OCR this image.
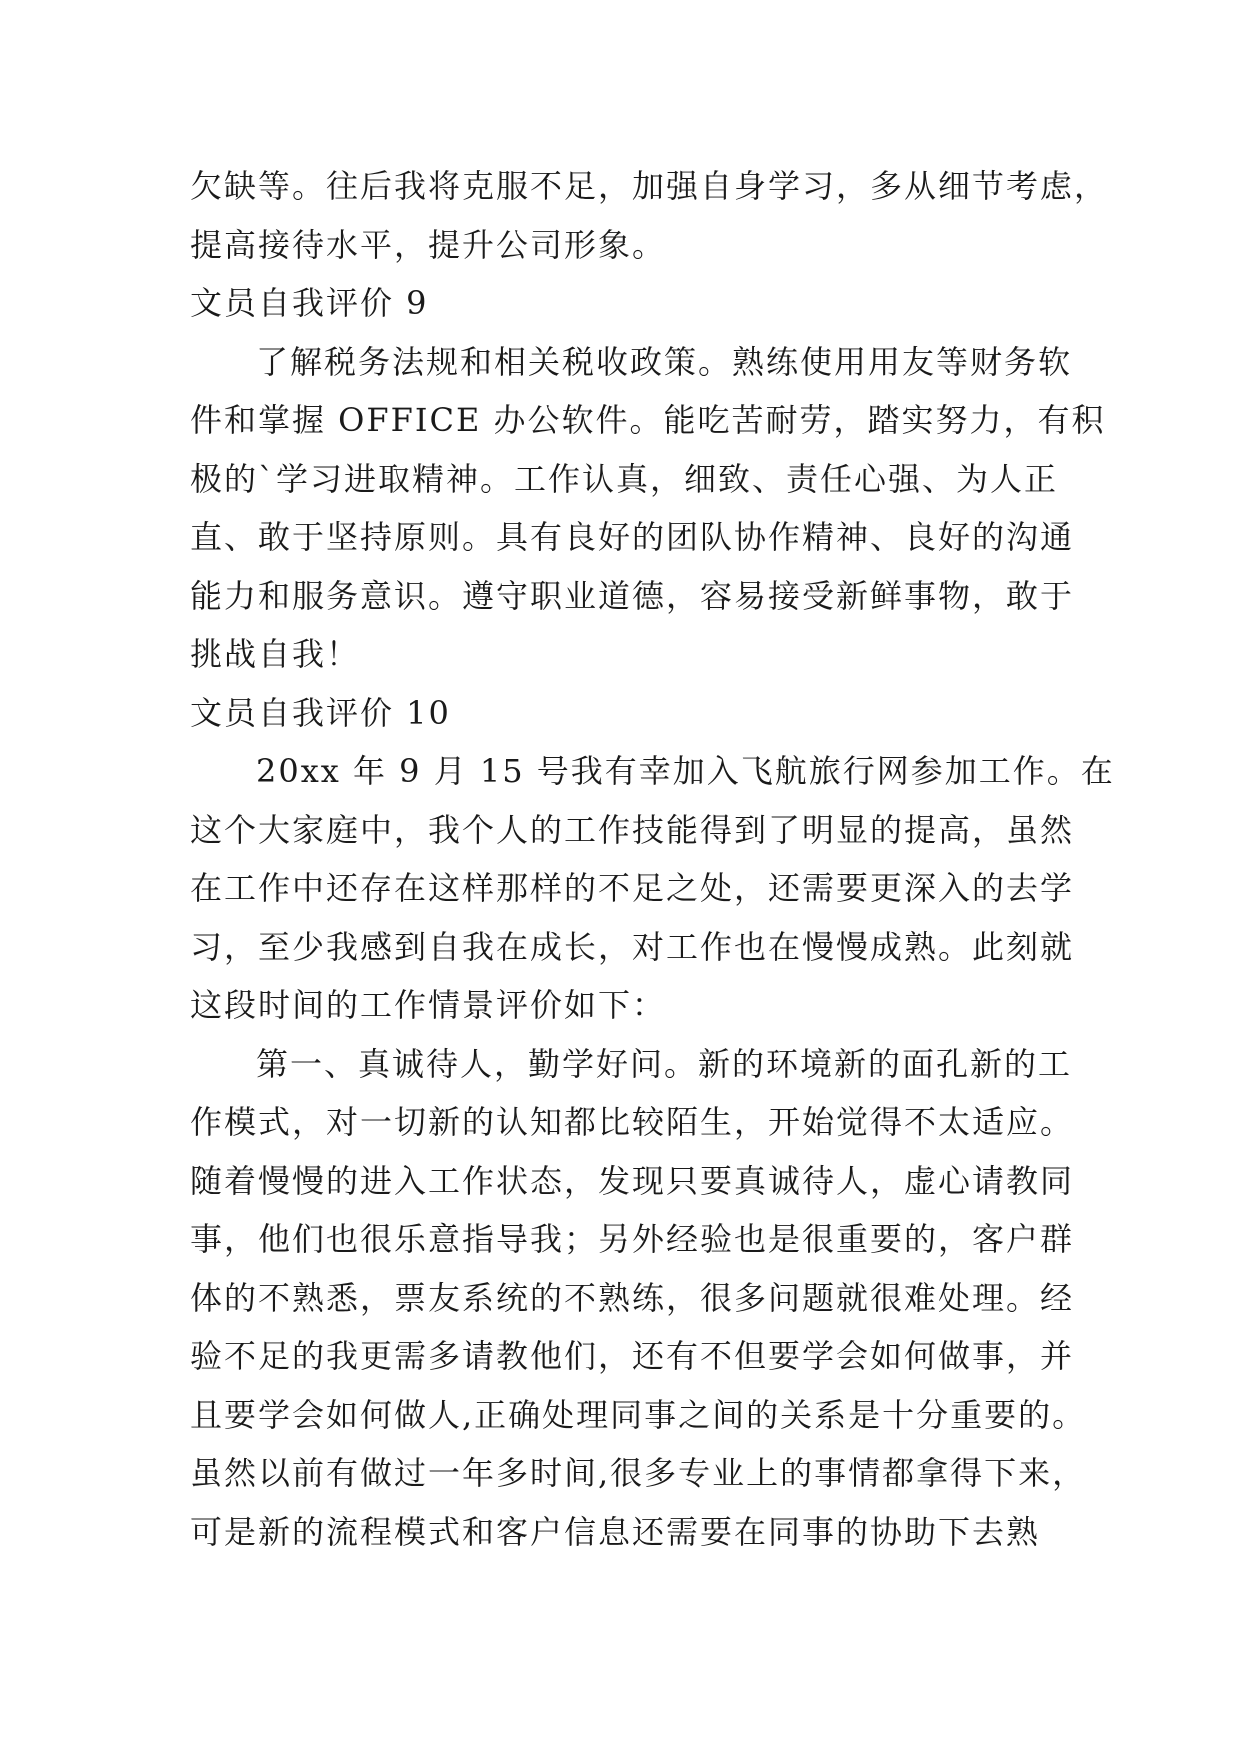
欠缺等。往后我将克服不足，加强自身学习，多从细节考虑，
提高接待水平，提升公司形象。
文员自我评价 9
了解税务法规和相关税收政策。熟练使用用友等财务软
件和掌握 OFFICE 办公软件。能吃苦耐劳，踏实努力，有积
极的`学习进取精神。工作认真，细致、责任心强、为人正
直、敢于坚持原则。具有良好的团队协作精神、良好的沟通
能力和服务意识。遵守职业道德，容易接受新鲜事物，敢于
挑战自我！
文员自我评价 10
20xx 年 9 月 15 号我有幸加入飞航旅行网参加工作。在
这个大家庭中，我个人的工作技能得到了明显的提高，虽然
在工作中还存在这样那样的不足之处，还需要更深入的去学
习，至少我感到自我在成长，对工作也在慢慢成熟。此刻就
这段时间的工作情景评价如下：
第一、真诚待人，勤学好问。新的环境新的面孔新的工
作模式，对一切新的认知都比较陌生，开始觉得不太适应。
随着慢慢的进入工作状态，发现只要真诚待人，虚心请教同
事，他们也很乐意指导我；另外经验也是很重要的，客户群
体的不熟悉，票友系统的不熟练，很多问题就很难处理。经
验不足的我更需多请教他们，还有不但要学会如何做事，并
且要学会如何做人,正确处理同事之间的关系是十分重要的。
虽然以前有做过一年多时间,很多专业上的事情都拿得下来，
可是新的流程模式和客户信息还需要在同事的协助下去熟
